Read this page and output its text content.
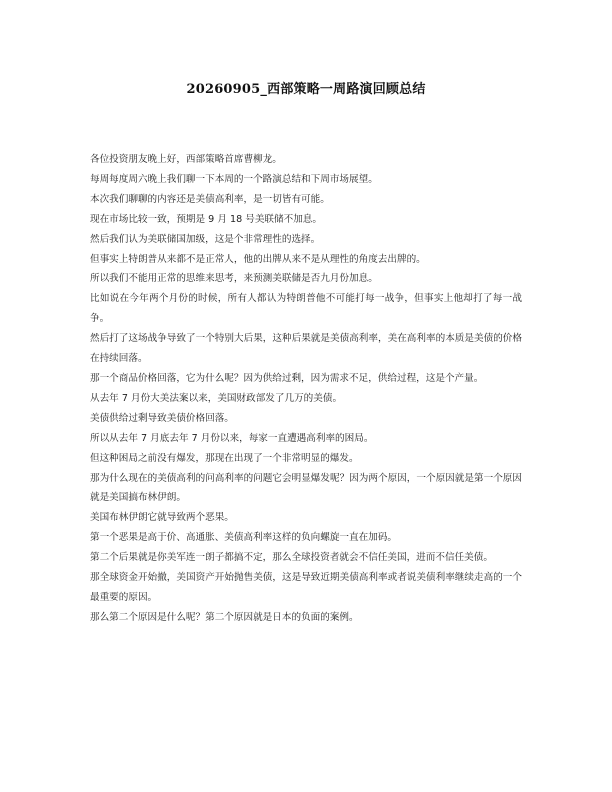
20260905_西部策略一周路演回顾总结

各位投资朋友晚上好，西部策略首席曹柳龙。

每周每度周六晚上我们聊一下本周的一个路演总结和下周市场展望。

本次我们聊聊的内容还是美债高利率，是一切皆有可能。

现在市场比较一致，预期是 9 月 18 号美联储不加息。

然后我们认为美联储国加级，这是个非常理性的选择。

但事实上特朗普从来都不是正常人，他的出牌从来不是从理性的角度去出牌的。

所以我们不能用正常的思维来思考，来预测美联储是否九月份加息。

比如说在今年两个月份的时候，所有人都认为特朗普他不可能打每一战争，但事实上他却打了每一战争。

然后打了这场战争导致了一个特别大后果，这种后果就是美债高利率，美在高利率的本质是美债的价格在持续回落。

那一个商品价格回落，它为什么呢？因为供给过剩，因为需求不足，供给过程，这是个产量。

从去年 7 月份大美法案以来，美国财政部发了几万的美债。

美债供给过剩导致美债价格回落。

所以从去年 7 月底去年 7 月份以来，每家一直遭遇高利率的困局。

但这种困局之前没有爆发，那现在出现了一个非常明显的爆发。

那为什么现在的美债高利的问高利率的问题它会明显爆发呢？因为两个原因，一个原因就是第一个原因就是美国搞布林伊朗。

美国布林伊朗它就导致两个恶果。

第一个恶果是高于价、高通胀、美债高利率这样的负向螺旋一直在加码。

第二个后果就是你美军连一朗子都搞不定，那么全球投资者就会不信任美国，进而不信任美债。

那全球资金开始撤，美国资产开始抛售美债，这是导致近期美债高利率或者说美债利率继续走高的一个最重要的原因。

那么第二个原因是什么呢？第二个原因就是日本的负面的案例。
